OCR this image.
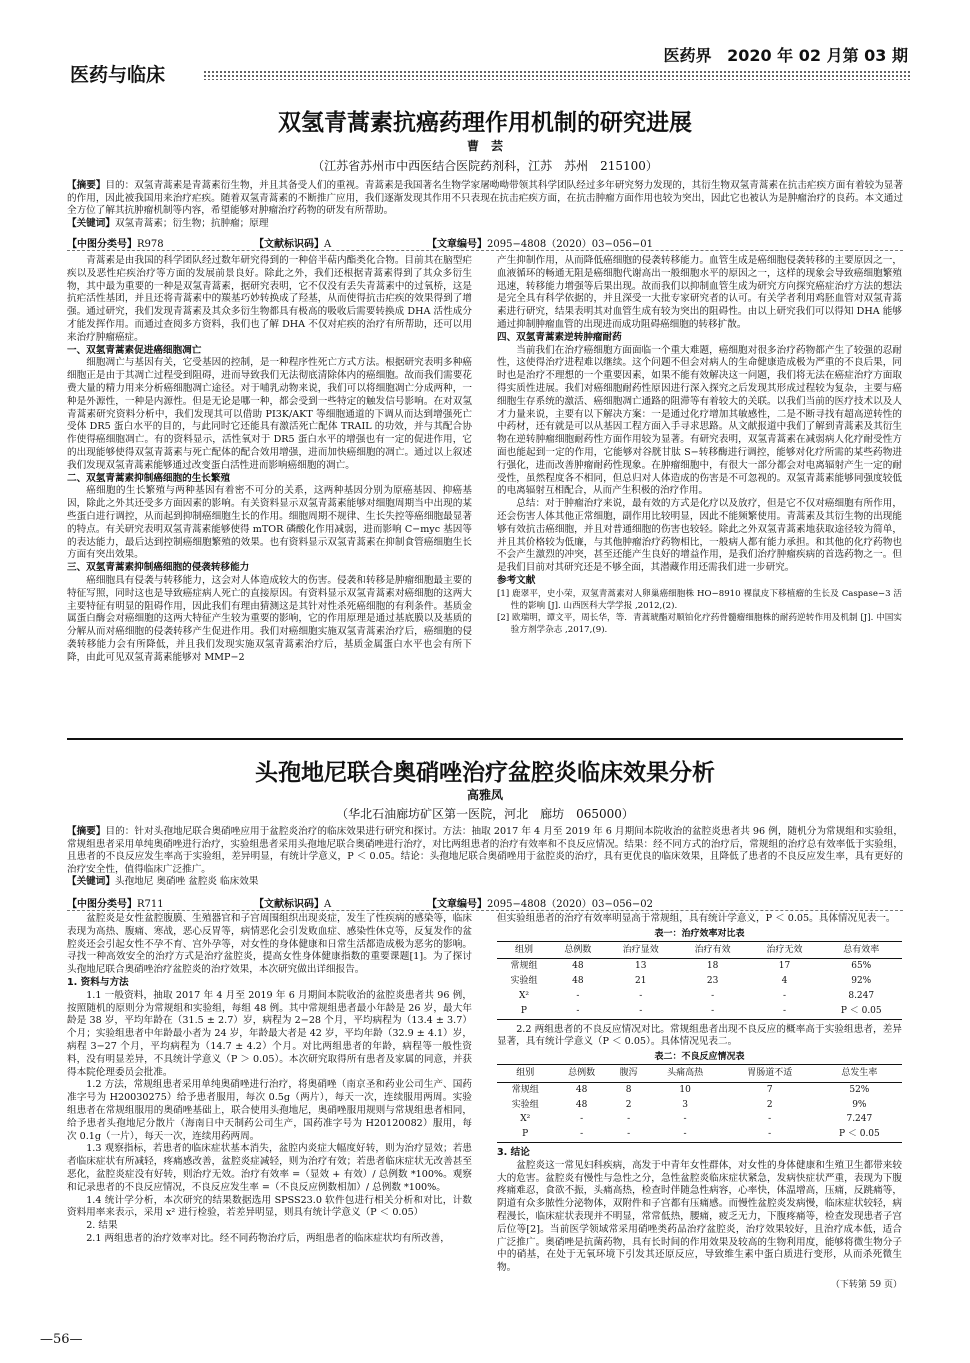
医药界 2020 年 02 月第 03 期
医药与临床
双氢青蒿素抗癌药理作用机制的研究进展
曹　芸
（江苏省苏州市中西医结合医院药剂科，江苏　苏州　215100）
【摘要】目的：双氢青蒿素是青蒿素衍生物，并且其备受人们的重视。青蒿素是我国著名生物学家屠呦呦带领其科学团队经过多年研究努力发现的，其衍生物双氢青蒿素在抗击疟疾方面有着较为显著的作用，因此被我国用来治疗疟疾。随着双氢青蒿素的不断推广应用，我们逐渐发现其作用不只表现在抗击疟疾方面，在抗击肿瘤方面作用也较为突出，因此它也被认为是肿瘤治疗的良药。本文通过全方位了解其抗肿瘤机制等内容，希望能够对肿瘤治疗药物的研发有所帮助。
【关键词】双氢青蒿素；衍生物；抗肿瘤；原理
【中图分类号】R978	【文献标识码】A	【文章编号】2095−4808（2020）03−056−01

青蒿素是由我国的科学团队经过数年研究得到的一种倍半萜内酯类化合物。目前其在脑型疟疾以及恶性疟疾治疗等方面的发展前景良好。除此之外，我们还根据青蒿素得到了其众多衍生物，其中最为重要的一种是双氢青蒿素，据研究表明，它不仅没有丢失青蒿素中的过氧桥，这是抗疟活性基团，并且还将青蒿素中的羰基巧妙转换成了羟基，从而使得抗击疟疾的效果得到了增强。通过研究，我们发现青蒿素及其众多衍生物都具有极高的吸收后需要转换成 DHA 活性成分才能发挥作用。而通过查阅多方资料，我们也了解 DHA 不仅对疟疾的治疗有所帮助，还可以用来治疗肿瘤癌症。

一、双氢青蒿素促进癌细胞凋亡

细胞凋亡与基因有关，它受基因的控制，是一种程序性死亡方式方法。根据研究表明多种癌细胞正是由于其凋亡过程受到阻碍，进而导致我们无法彻底清除体内的癌细胞。故而我们需要花费大量的精力用来分析癌细胞凋亡途径。对于哺乳动物来说，我们可以将细胞凋亡分成两种，一种是外源性，一种是内源性。但是无论是哪一种，都会受到一些特定的触发信号影响。在对双氢青蒿素研究资料分析中，我们发现其可以借助 PI3K/AKT 等细胞通道的下调从而达到增强死亡受体 DR5 蛋白水平的目的，与此同时它还能具有激活死亡配体 TRAIL 的功效，并与其配合协作使得癌细胞凋亡。有的资料显示，活性氧对于 DR5 蛋白水平的增强也有一定的促进作用，它的出现能够使得双氢青蒿素与死亡配体的配合效用增强，进而加快癌细胞的凋亡。通过以上叙述我们发现双氢青蒿素能够通过改变蛋白活性进而影响癌细胞的凋亡。

二、双氢青蒿素抑制癌细胞的生长繁殖

癌细胞的生长繁殖与两种基因有着密不可分的关系，这两种基因分别为原癌基因、抑癌基因，除此之外其还受多方面因素的影响。有关资料显示双氢青蒿素能够对细胞周期当中出现的某些蛋白进行调控，从而起到抑制癌细胞生长的作用。细胞周期不规律、生长失控等癌细胞最显著的特点。有关研究表明双氢青蒿素能够使得 mTOR 磷酸化作用减弱，进而影响 C−myc 基因等的表达能力，最后达到控制癌细胞繁殖的效果。也有资料显示双氢青蒿素在抑制食管癌细胞生长方面有突出效果。

三、双氢青蒿素抑制癌细胞的侵袭转移能力

癌细胞具有侵袭与转移能力，这会对人体造成较大的伤害。侵袭和转移是肿瘤细胞最主要的特征写照，同时这也是导致癌症病人死亡的直接原因。有资料显示双氢青蒿素对癌细胞的这两大主要特征有明显的阻碍作用，因此我们有理由猜测这是其针对性杀死癌细胞的有利条件。基质金属蛋白酶会对癌细胞的这两大特征产生较为重要的影响，它的作用原理是通过基底膜以及基质的分解从而对癌细胞的侵袭转移产生促进作用。我们对癌细胞实施双氢青蒿素治疗后，癌细胞的侵袭转移能力会有所降低，并且我们发现实施双氢青蒿素治疗后，基质金属蛋白水平也会有所下降，由此可见双氢青蒿素能够对 MMP−2

产生抑制作用，从而降低癌细胞的侵袭转移能力。血管生成是癌细胞侵袭转移的主要原因之一，血液循环的畅通无阻是癌细胞代谢高出一般细胞水平的原因之一，这样的现象会导致癌细胞繁殖迅速，转移能力增强等后果出现。故而我们以抑制血管生成为研究方向探究癌症治疗方法的想法是完全具有科学依据的，并且深受一大批专家研究者的认可。有关学者利用鸡胚血管对双氢青蒿素进行研究，结果表明其对血管生成有较为突出的阻碍性。由以上研究我们可以得知 DHA 能够通过抑制肿瘤血管的出现进而成功阻碍癌细胞的转移扩散。

四、双氢青蒿素逆转肿瘤耐药

当前我们在治疗癌细胞方面面临一个重大难题，癌细胞对很多治疗药物都产生了较强的忍耐性，这使得治疗进程难以继续。这个问题不但会对病人的生命健康造成极为严重的不良后果，同时也是治疗不理想的一个重要因素，如果不能有效解决这一问题，我们将无法在癌症治疗方面取得实质性进展。我们对癌细胞耐药性原因进行深入探究之后发现其形成过程较为复杂，主要与癌细胞生存系统的激活、癌细胞凋亡通路的阻滞等有着较大的关联。以我们当前的医疗技术以及人才力量来说，主要有以下解决方案：一是通过化疗增加其敏感性，二是不断寻找有超高逆转性的中药材，还有就是可以从基因工程方面入手寻求思路。从文献报道中我们了解到青蒿素及其衍生物在逆转肿瘤细胞耐药性方面作用较为显著。有研究表明，双氢青蒿素在减弱病人化疗耐受性方面也能起到一定的作用，它能够对谷胱甘肽 S−转移酶进行调控，能够对化疗所需的某些药物进行强化，进而改善肿瘤耐药性现象。在肿瘤细胞中，有很大一部分都会对电离辐射产生一定的耐受性，虽然程度各不相同，但总归对人体造成的伤害是不可忽视的。双氢青蒿素能够同强度较低的电离辐射互相配合，从而产生积极的治疗作用。

总结：对于肿瘤治疗来说，最有效的方式是化疗以及放疗，但是它不仅对癌细胞有所作用，还会伤害人体其他正常细胞，副作用比较明显，因此不能频繁使用。青蒿素及其衍生物的出现能够有效抗击癌细胞，并且对普通细胞的伤害也较轻。除此之外双氢青蒿素地获取途径较为简单，并且其价格较为低廉，与其他肿瘤治疗药物相比，一般病人都有能力承担。和其他的化疗药物也不会产生激烈的冲突，甚至还能产生良好的增益作用，是我们治疗肿瘤疾病的首选药物之一。但是我们目前对其研究还是不够全面，其潜藏作用还需我们进一步研究。

参考文献

[1] 鹿翠平，史小荣，双氢青蒿素对人卵巢癌细胞株 HO−8910 裸鼠皮下移植瘤的生长及 Caspase−3 活性的影响 [J]. 山西医科大学学报 ,2012,(2).

[2] 欧瑞明，谭文平，周长华，等．青蒿琥酯对顺铂化疗药骨髓瘤细胞株的耐药逆转作用及机制 [J]. 中国实验方剂学杂志 ,2017,(9).

头孢地尼联合奥硝唑治疗盆腔炎临床效果分析
高雅凤
（华北石油廊坊矿区第一医院，河北　廊坊　065000）
【摘要】目的：针对头孢地尼联合奥硝唑应用于盆腔炎治疗的临床效果进行研究和探讨。方法：抽取 2017 年 4 月至 2019 年 6 月期间本院收治的盆腔炎患者共 96 例，随机分为常规组和实验组，常规组患者采用单纯奥硝唑进行治疗，实验组患者采用头孢地尼联合奥硝唑进行治疗，对比两组患者的治疗有效率和不良反应情况。结果：经不同方式的治疗后，常规组的治疗总有效率低于实验组，且患者的不良反应发生率高于实验组，差异明显，有统计学意义，P ＜ 0.05。结论：头孢地尼联合奥硝唑用于盆腔炎的治疗，具有更优良的临床效果，且降低了患者的不良反应发生率，具有更好的治疗安全性，值得临床广泛推广。
【关键词】头孢地尼 奥硝唑 盆腔炎 临床效果
【中图分类号】R711	【文献标识码】A	【文章编号】2095−4808（2020）03−056−02

盆腔炎是女性盆腔腹膜、生殖器官和子宫周围组织出现炎症，发生了性疾病的感染等，临床表现为高热、腹痛、寒战，恶心反胃等，病情恶化会引发败血症、感染性休克等，反复发作的盆腔炎还会引起女性不孕不育、宫外孕等，对女性的身体健康和日常生活都造成极为恶劣的影响。寻找一种高效安全的治疗方式是治疗盆腔炎，提高女性身体健康指数的重要课题[1]。为了探讨头孢地尼联合奥硝唑治疗盆腔炎的治疗效果，本次研究做出详细报告。

1. 资料与方法

1.1 一般资料，抽取 2017 年 4 月至 2019 年 6 月期间本院收治的盆腔炎患者共 96 例，按照随机的原则分为常规组和实验组，每组 48 例。其中常规组患者最小年龄是 26 岁，最大年龄是 38 岁，平均年龄在（31.5 ± 2.7）岁，病程为 2−28 个月，平均病程为（13.4 ± 3.7）个月；实验组患者中年龄最小者为 24 岁，年龄最大者是 42 岁，平均年龄（32.9 ± 4.1）岁，病程 3−27 个月，平均病程为（14.7 ± 4.2）个月。对比两组患者的年龄，病程等一般性资料，没有明显差异，不具统计学意义（P ＞ 0.05）。本次研究取得所有患者及家属的同意，并获得本院伦理委员会批准。

1.2 方法，常规组患者采用单纯奥硝唑进行治疗，将奥硝唑（南京圣和药业公司生产、国药准字号为 H20030275）给予患者服用，每次 0.5g（两片），每天一次，连续服用两周。实验组患者在常规组服用的奥硝唑基础上，联合使用头孢地尼，奥硝唑服用规则与常规组患者相同，给予患者头孢地尼分散片（海南日中天制药公司生产，国药准字号为 H20120082）服用，每次 0.1g（一片），每天一次，连续用药两周。

1.3 观察指标，若患者的临床症状基本消失，盆腔内炎症大幅度好转，则为治疗显效；若患者临床症状有所减轻，疼痛感改善，盆腔炎症减轻，则为治疗有效；若患者临床症状无改善甚至恶化，盆腔炎症没有好转，则治疗无效。治疗有效率 =（显效 + 有效）/ 总例数 *100%。观察和记录患者的不良反应情况，不良反应发生率 =（不良反应例数相加）/ 总例数 *100%。

1.4 统计学分析，本次研究的结果数据选用 SPSS23.0 软件包进行相关分析和对比，计数资料用率来表示，采用 x² 进行检验，若差异明显，则具有统计学意义（P ＜ 0.05）

2. 结果

2.1 两组患者的治疗效率对比。经不同药物治疗后，两组患者的临床症状均有所改善，

但实验组患者的治疗有效率明显高于常规组，具有统计学意义，P ＜ 0.05。具体情况见表一。

表一：治疗效率对比表
组别	总例数	治疗显效	治疗有效	治疗无效	总有效率
常规组	48	13	18	17	65%
实验组	48	21	23	4	92%
X²	-	-	-	-	8.247
P	-	-	-	-	P ＜ 0.05

2.2 两组患者的不良反应情况对比。常规组患者出现不良反应的概率高于实验组患者，差异显著，具有统计学意义（P ＜ 0.05）。具体情况见表二。

表二：不良反应情况表
组别	总例数	腹泻	头痛高热	胃肠道不适	总发生率
常规组	48	8	10	7	52%
实验组	48	2	3	2	9%
X²	-	-	-	-	7.247
P	-	-	-	-	P ＜ 0.05

3. 结论

盆腔炎这一常见妇科疾病，高发于中青年女性群体，对女性的身体健康和生殖卫生都带来较大的危害。盆腔炎有慢性与急性之分，急性盆腔炎临床症状紧急，发病快症状严重，表现为下腹疼痛难忍，食欲不振，头痛高热，检查时伴随急性病容，心率快，体温增高，压痛，反跳痛等，阴道有众多脓性分泌物体，双附件和子宫都有压痛感。而慢性盆腔炎发病慢，临床症状较轻，病程漫长，临床症状表现并不明显，常常低热，腰痛，疲乏无力，下腹疼痛等，检查发现患者子宫后位等[2]。当前医学领域常采用硝唑类药品治疗盆腔炎，治疗效果较好，且治疗成本低，适合广泛推广。奥硝唑是抗菌药物，具有长时间的作用效果及较高的生物利用度，能够将微生物分子中的硝基，在处于无氧环境下引发其还原反应，导致维生素中蛋白质进行变形，从而杀死微生物。

（下转第 59 页）
—56—
